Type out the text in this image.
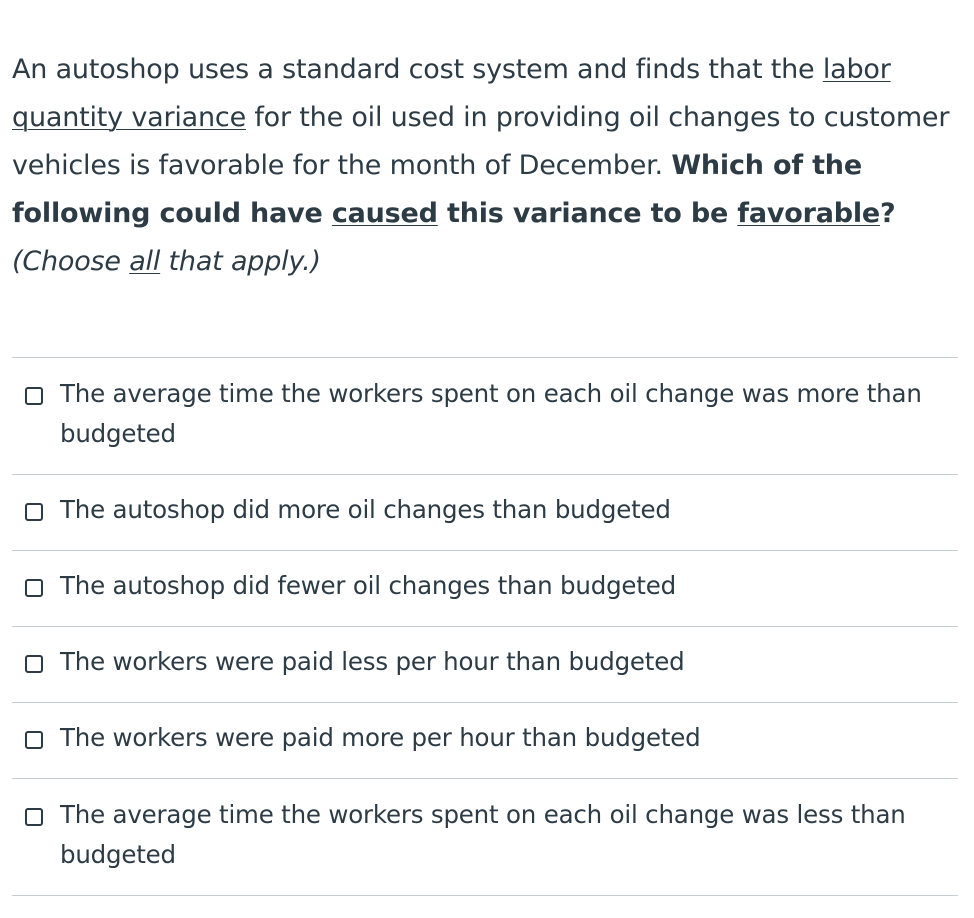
An autoshop uses a standard cost system and finds that the labor quantity variance for the oil used in providing oil changes to customer vehicles is favorable for the month of December. Which of the following could have caused this variance to be favorable?
(Choose all that apply.)
The average time the workers spent on each oil change was more than budgeted
The autoshop did more oil changes than budgeted
The autoshop did fewer oil changes than budgeted
The workers were paid less per hour than budgeted
The workers were paid more per hour than budgeted
The average time the workers spent on each oil change was less than budgeted
